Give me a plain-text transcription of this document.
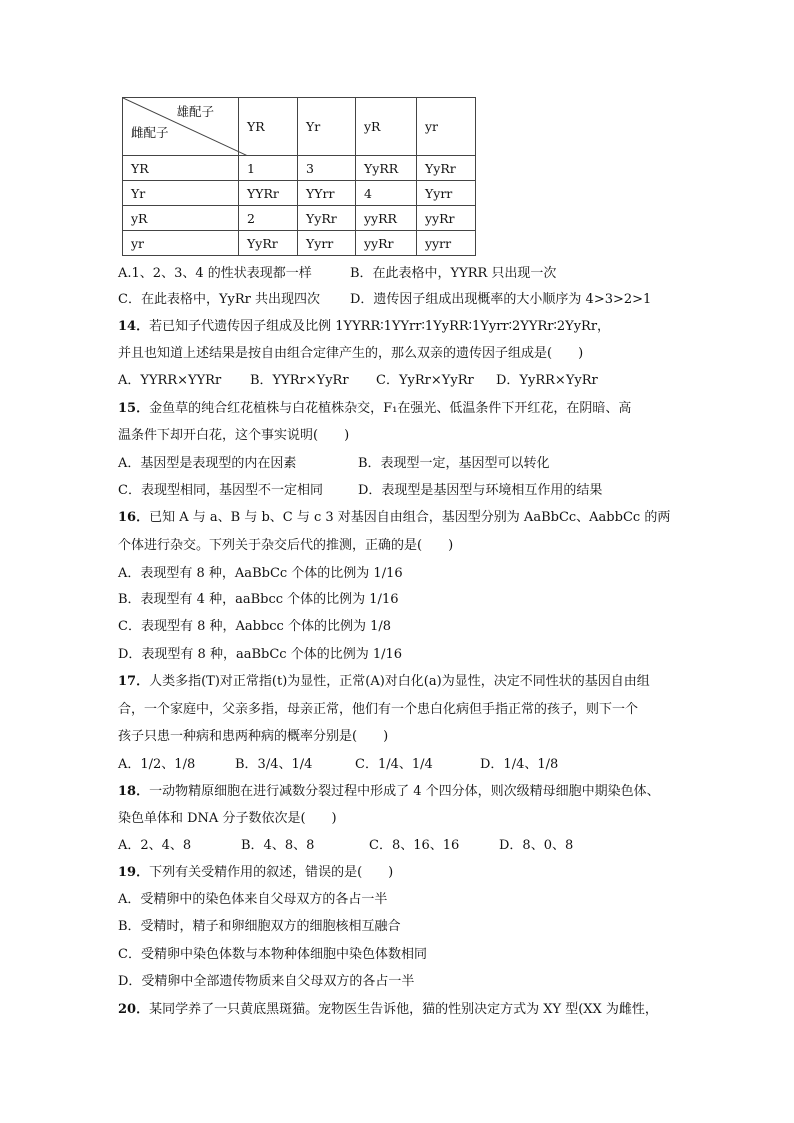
雄配子
雌配子	YR	Yr	yR	yr
YR	1	3	YyRR	YyRr
Yr	YYRr	YYrr	4	Yyrr
yR	2	YyRr	yyRR	yyRr
yr	YyRr	Yyrr	yyRr	yyrr
A.1、2、3、4 的性状表现都一样	B．在此表格中，YYRR 只出现一次
C．在此表格中，YyRr 共出现四次 D．遗传因子组成出现概率的大小顺序为 4>3>2>1
14．若已知子代遗传因子组成及比例 1YYRR∶1YYrr∶1YyRR∶1Yyrr∶2YYRr∶2YyRr，
并且也知道上述结果是按自由组合定律产生的，那么双亲的遗传因子组成是(　　)
A．YYRR×YYRr B．YYRr×YyRr C．YyRr×YyRr D．YyRR×YyRr
15．金鱼草的纯合红花植株与白花植株杂交，F₁在强光、低温条件下开红花，在阴暗、高
温条件下却开白花，这个事实说明(　　)
A．基因型是表现型的内在因素	B．表现型一定，基因型可以转化
C．表现型相同，基因型不一定相同	D．表现型是基因型与环境相互作用的结果
16．已知 A 与 a、B 与 b、C 与 c 3 对基因自由组合，基因型分别为 AaBbCc、AabbCc 的两
个体进行杂交。下列关于杂交后代的推测，正确的是(　　)
A．表现型有 8 种，AaBbCc 个体的比例为 1/16
B．表现型有 4 种，aaBbcc 个体的比例为 1/16
C．表现型有 8 种，Aabbcc 个体的比例为 1/8
D．表现型有 8 种，aaBbCc 个体的比例为 1/16
17．人类多指(T)对正常指(t)为显性，正常(A)对白化(a)为显性，决定不同性状的基因自由组
合，一个家庭中，父亲多指，母亲正常，他们有一个患白化病但手指正常的孩子，则下一个
孩子只患一种病和患两种病的概率分别是(　　)
A．1/2、1/8	B．3/4、1/4	C．1/4、1/4	D．1/4、1/8
18．一动物精原细胞在进行减数分裂过程中形成了 4 个四分体，则次级精母细胞中期染色体、
染色单体和 DNA 分子数依次是(　　)
A．2、4、8	B．4、8、8	C．8、16、16	D．8、0、8
19．下列有关受精作用的叙述，错误的是(　　)
A．受精卵中的染色体来自父母双方的各占一半
B．受精时，精子和卵细胞双方的细胞核相互融合
C．受精卵中染色体数与本物种体细胞中染色体数相同
D．受精卵中全部遗传物质来自父母双方的各占一半
20．某同学养了一只黄底黑斑猫。宠物医生告诉他，猫的性别决定方式为 XY 型(XX 为雌性，
